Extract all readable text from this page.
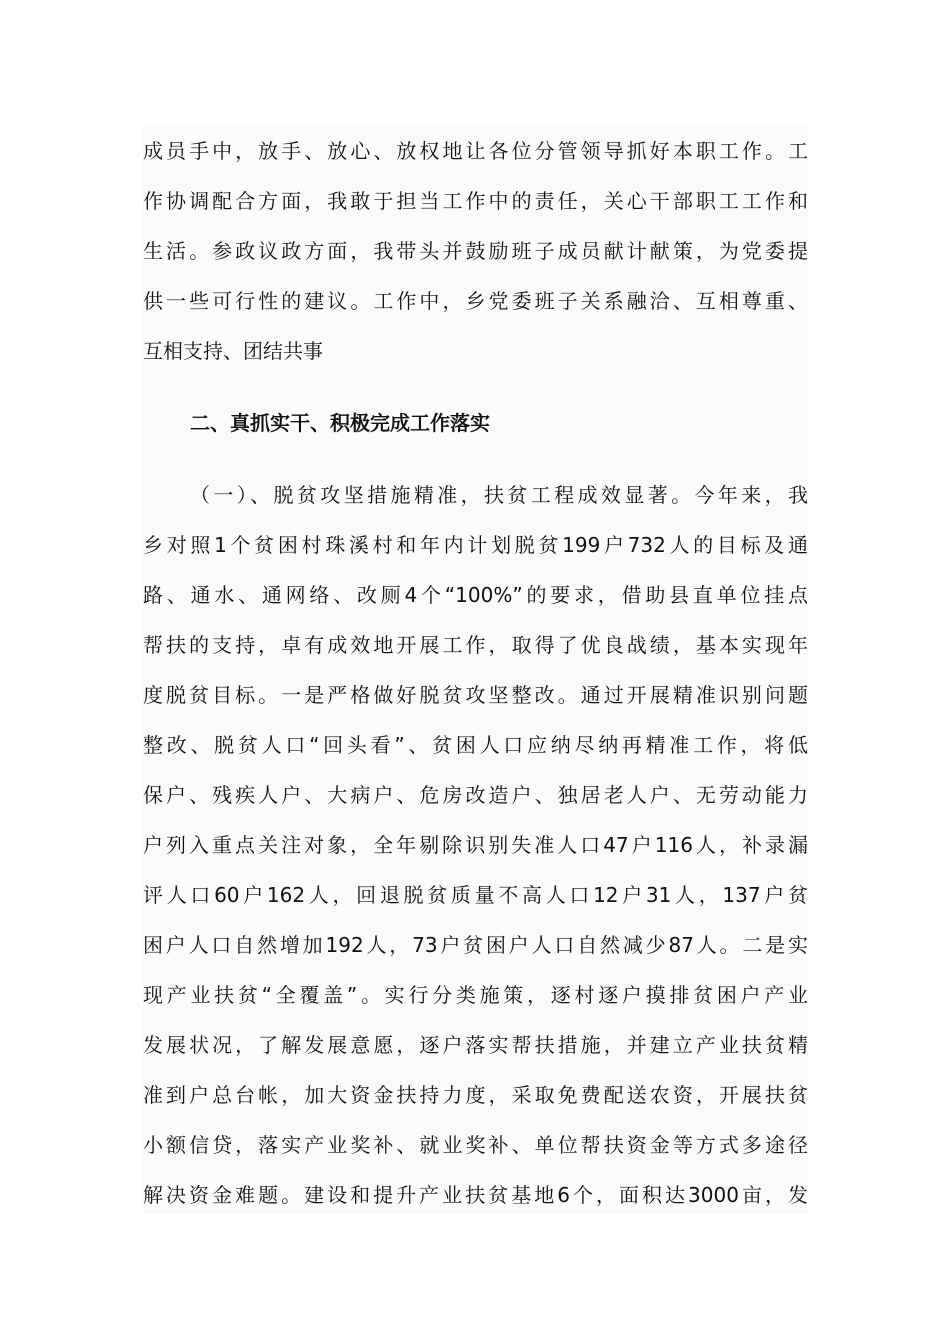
成员手中，放手、放心、放权地让各位分管领导抓好本职工作。工
作协调配合方面，我敢于担当工作中的责任，关心干部职工工作和
生活。参政议政方面，我带头并鼓励班子成员献计献策，为党委提
供一些可行性的建议。工作中，乡党委班子关系融洽、互相尊重、
互相支持、团结共事
二、真抓实干、积极完成工作落实
（一）、脱贫攻坚措施精准，扶贫工程成效显著。今年来，我
乡对照1个贫困村珠溪村和年内计划脱贫199户732人的目标及通
路、通水、通网络、改厕4个“100%”的要求，借助县直单位挂点
帮扶的支持，卓有成效地开展工作，取得了优良战绩，基本实现年
度脱贫目标。一是严格做好脱贫攻坚整改。通过开展精准识别问题
整改、脱贫人口“回头看”、贫困人口应纳尽纳再精准工作，将低
保户、残疾人户、大病户、危房改造户、独居老人户、无劳动能力
户列入重点关注对象，全年剔除识别失准人口47户116人，补录漏
评人口60户162人，回退脱贫质量不高人口12户31人，137户贫
困户人口自然增加192人，73户贫困户人口自然减少87人。二是实
现产业扶贫“全覆盖”。实行分类施策，逐村逐户摸排贫困户产业
发展状况，了解发展意愿，逐户落实帮扶措施，并建立产业扶贫精
准到户总台帐，加大资金扶持力度，采取免费配送农资，开展扶贫
小额信贷，落实产业奖补、就业奖补、单位帮扶资金等方式多途径
解决资金难题。建设和提升产业扶贫基地6个，面积达3000亩，发
